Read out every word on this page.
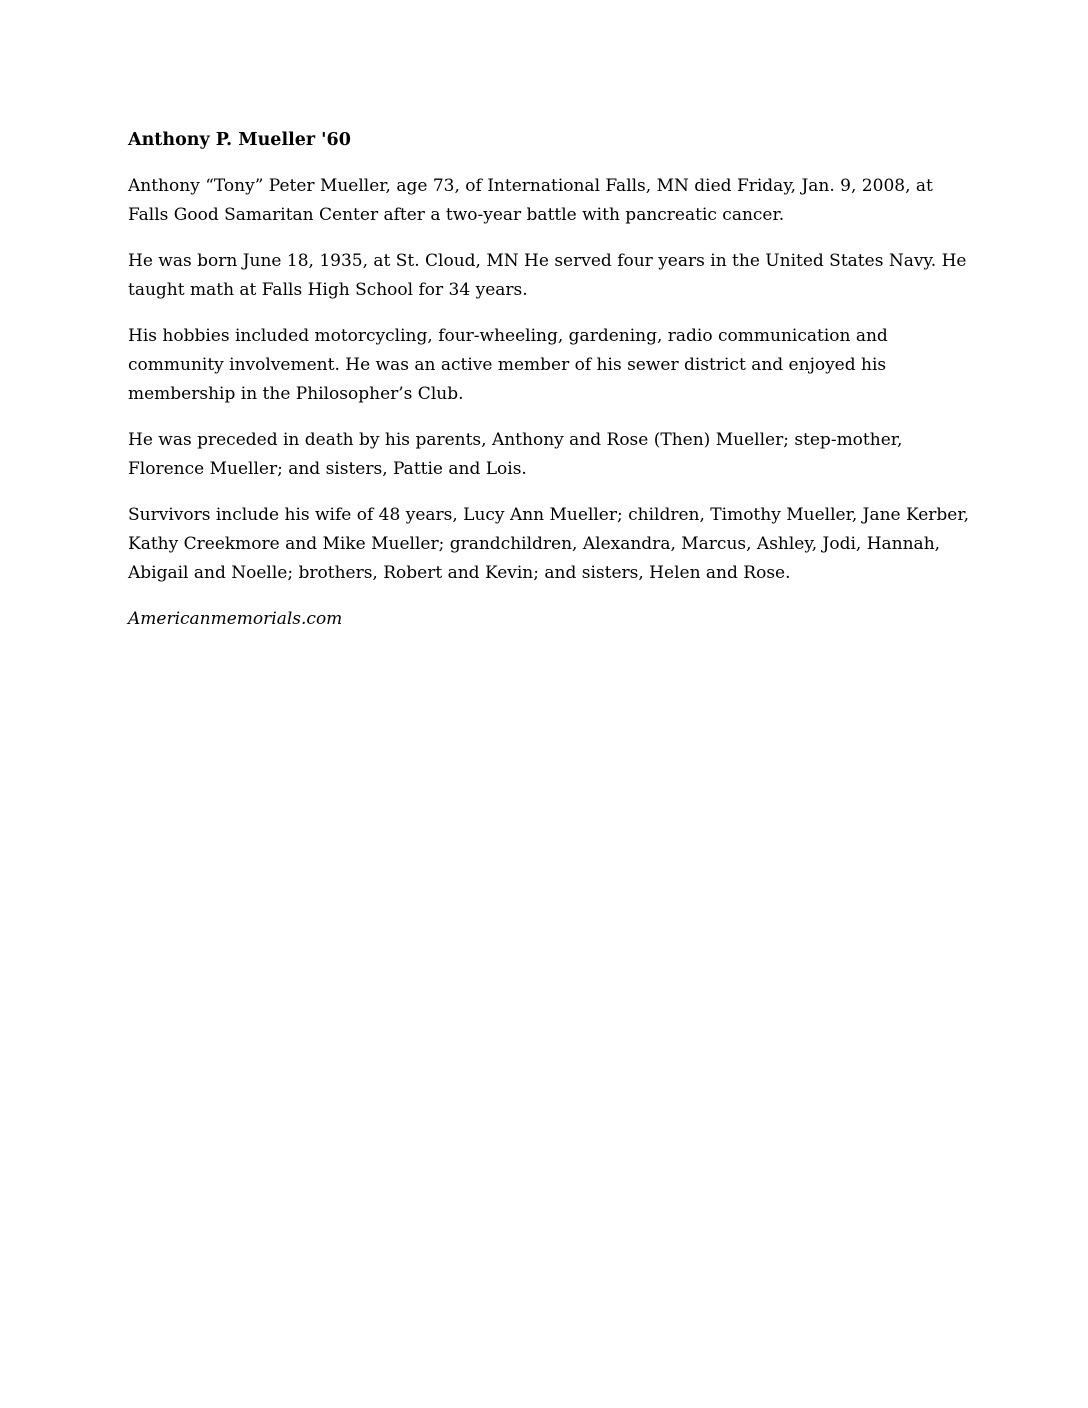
Anthony P. Mueller '60

Anthony “Tony” Peter Mueller, age 73, of International Falls, MN died Friday, Jan. 9, 2008, at Falls Good Samaritan Center after a two-year battle with pancreatic cancer.

He was born June 18, 1935, at St. Cloud, MN He served four years in the United States Navy. He taught math at Falls High School for 34 years.

His hobbies included motorcycling, four-wheeling, gardening, radio communication and community involvement. He was an active member of his sewer district and enjoyed his membership in the Philosopher’s Club.

He was preceded in death by his parents, Anthony and Rose (Then) Mueller; step-mother, Florence Mueller; and sisters, Pattie and Lois.

Survivors include his wife of 48 years, Lucy Ann Mueller; children, Timothy Mueller, Jane Kerber, Kathy Creekmore and Mike Mueller; grandchildren, Alexandra, Marcus, Ashley, Jodi, Hannah, Abigail and Noelle; brothers, Robert and Kevin; and sisters, Helen and Rose.

Americanmemorials.com
